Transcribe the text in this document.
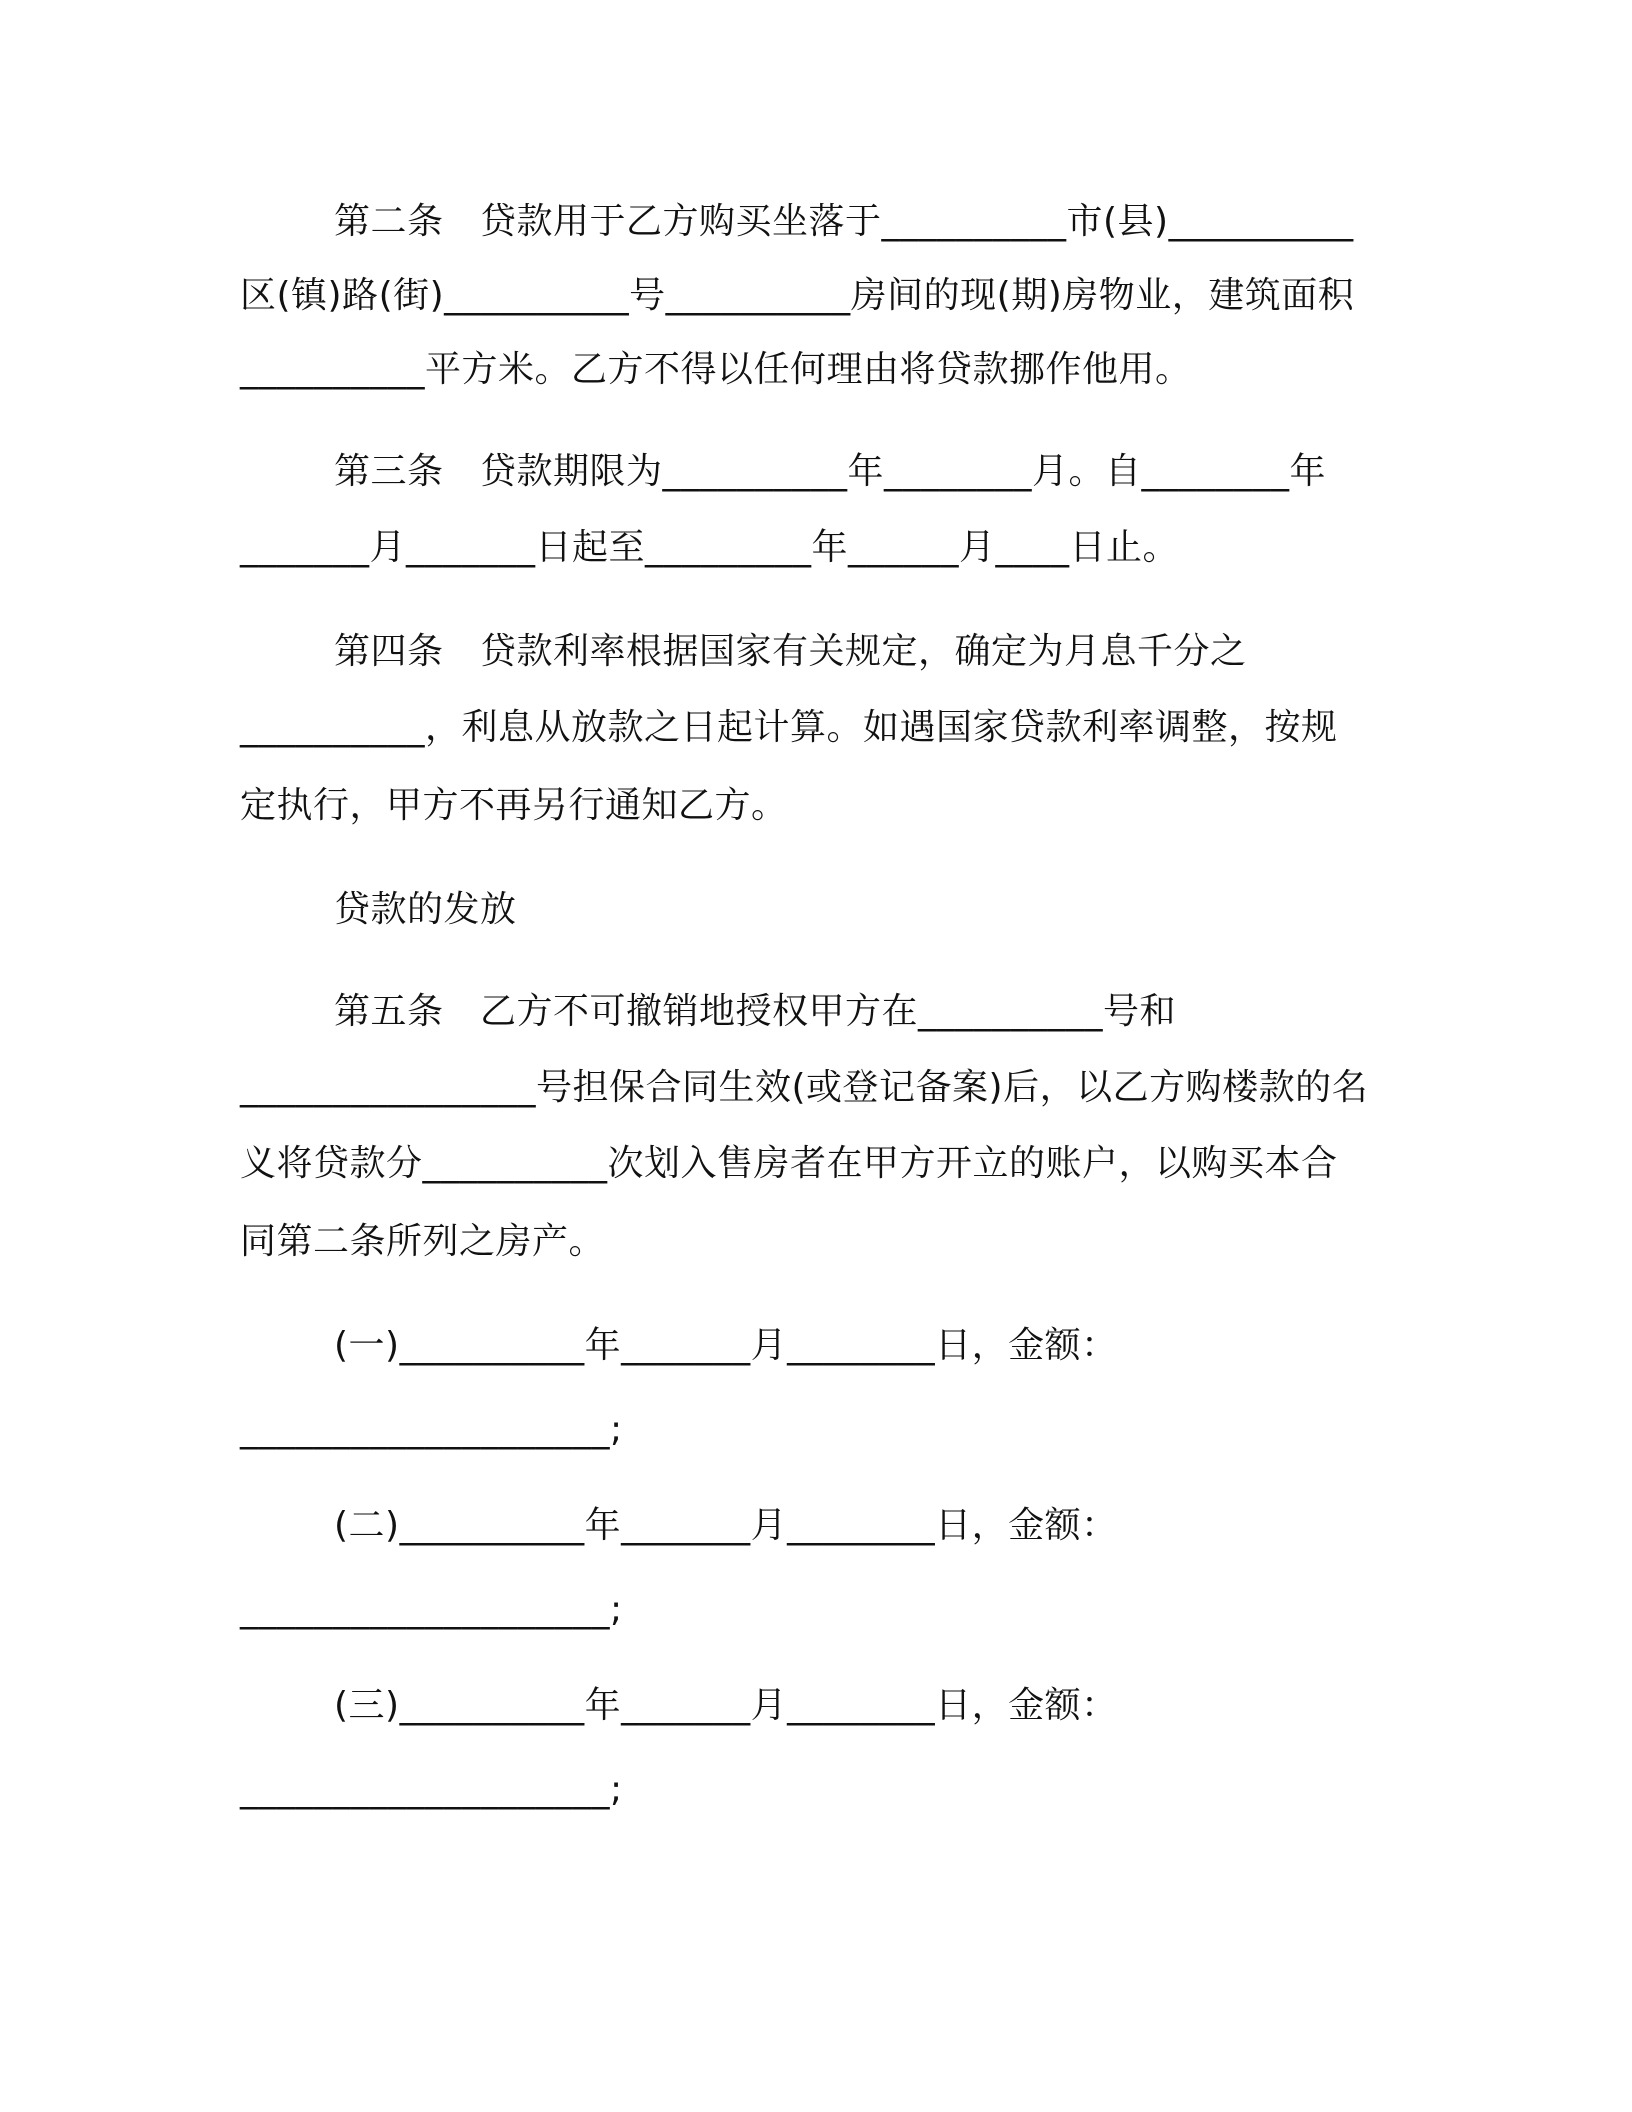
第二条　贷款用于乙方购买坐落于__________市(县)__________
区(镇)路(街)__________号__________房间的现(期)房物业，建筑面积
__________平方米。乙方不得以任何理由将贷款挪作他用。
第三条　贷款期限为__________年________月。自________年
_______月_______日起至_________年______月____日止。
第四条　贷款利率根据国家有关规定，确定为月息千分之
__________，利息从放款之日起计算。如遇国家贷款利率调整，按规
定执行，甲方不再另行通知乙方。
贷款的发放
第五条　乙方不可撤销地授权甲方在__________号和
________________号担保合同生效(或登记备案)后，以乙方购楼款的名
义将贷款分__________次划入售房者在甲方开立的账户，以购买本合
同第二条所列之房产。
(一)__________年_______月________日，金额：
____________________;
(二)__________年_______月________日，金额：
____________________;
(三)__________年_______月________日，金额：
____________________;
